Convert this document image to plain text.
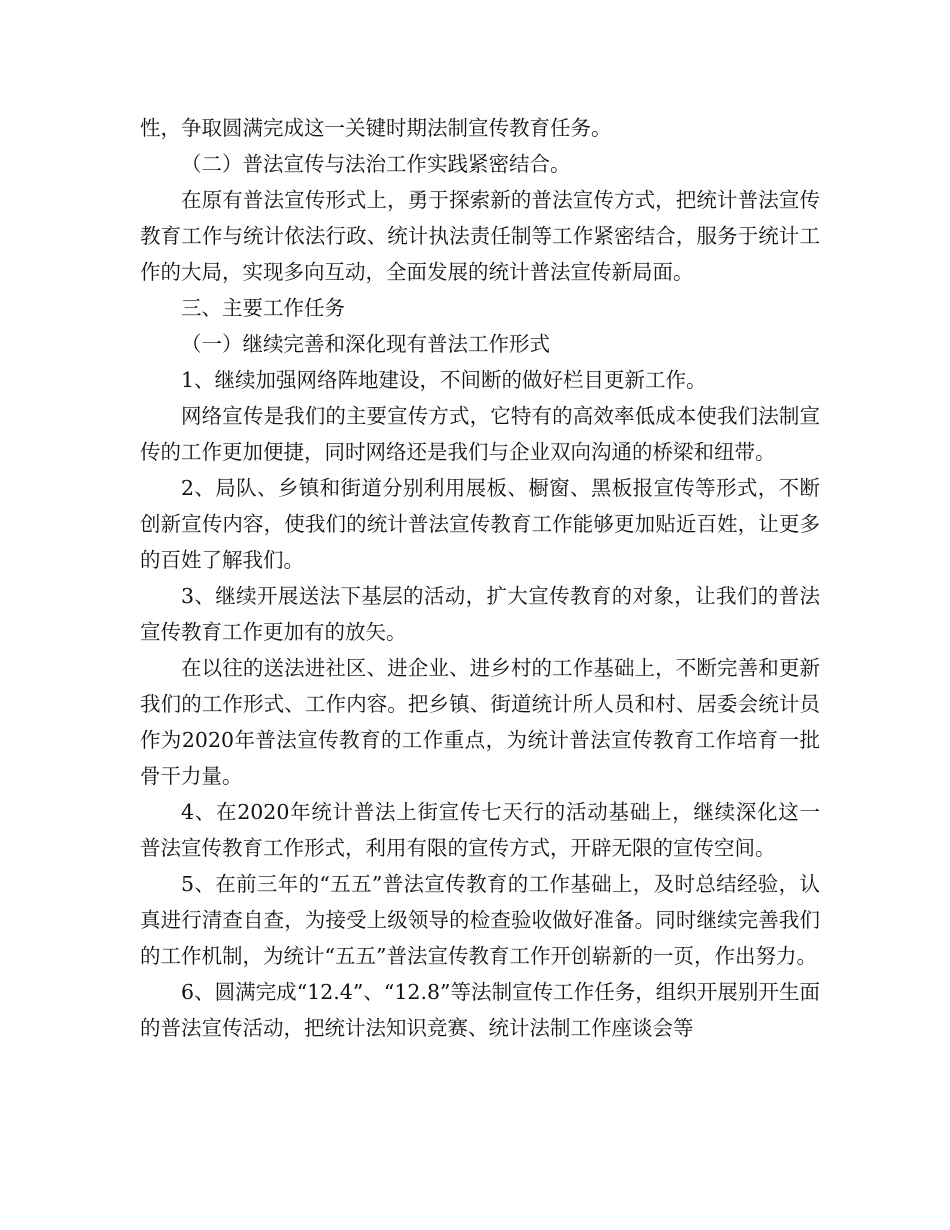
性，争取圆满完成这一关键时期法制宣传教育任务。

（二）普法宣传与法治工作实践紧密结合。

在原有普法宣传形式上，勇于探索新的普法宣传方式，把统计普法宣传教育工作与统计依法行政、统计执法责任制等工作紧密结合，服务于统计工作的大局，实现多向互动，全面发展的统计普法宣传新局面。

三、主要工作任务

（一）继续完善和深化现有普法工作形式

1、继续加强网络阵地建设，不间断的做好栏目更新工作。

网络宣传是我们的主要宣传方式，它特有的高效率低成本使我们法制宣传的工作更加便捷，同时网络还是我们与企业双向沟通的桥梁和纽带。

2、局队、乡镇和街道分别利用展板、橱窗、黑板报宣传等形式，不断创新宣传内容，使我们的统计普法宣传教育工作能够更加贴近百姓，让更多的百姓了解我们。

3、继续开展送法下基层的活动，扩大宣传教育的对象，让我们的普法宣传教育工作更加有的放矢。

在以往的送法进社区、进企业、进乡村的工作基础上，不断完善和更新我们的工作形式、工作内容。把乡镇、街道统计所人员和村、居委会统计员作为2020年普法宣传教育的工作重点，为统计普法宣传教育工作培育一批骨干力量。

4、在2020年统计普法上街宣传七天行的活动基础上，继续深化这一普法宣传教育工作形式，利用有限的宣传方式，开辟无限的宣传空间。

5、在前三年的“五五”普法宣传教育的工作基础上，及时总结经验，认真进行清查自查，为接受上级领导的检查验收做好准备。同时继续完善我们的工作机制，为统计“五五”普法宣传教育工作开创崭新的一页，作出努力。

6、圆满完成“12.4”、“12.8”等法制宣传工作任务，组织开展别开生面的普法宣传活动，把统计法知识竞赛、统计法制工作座谈会等
